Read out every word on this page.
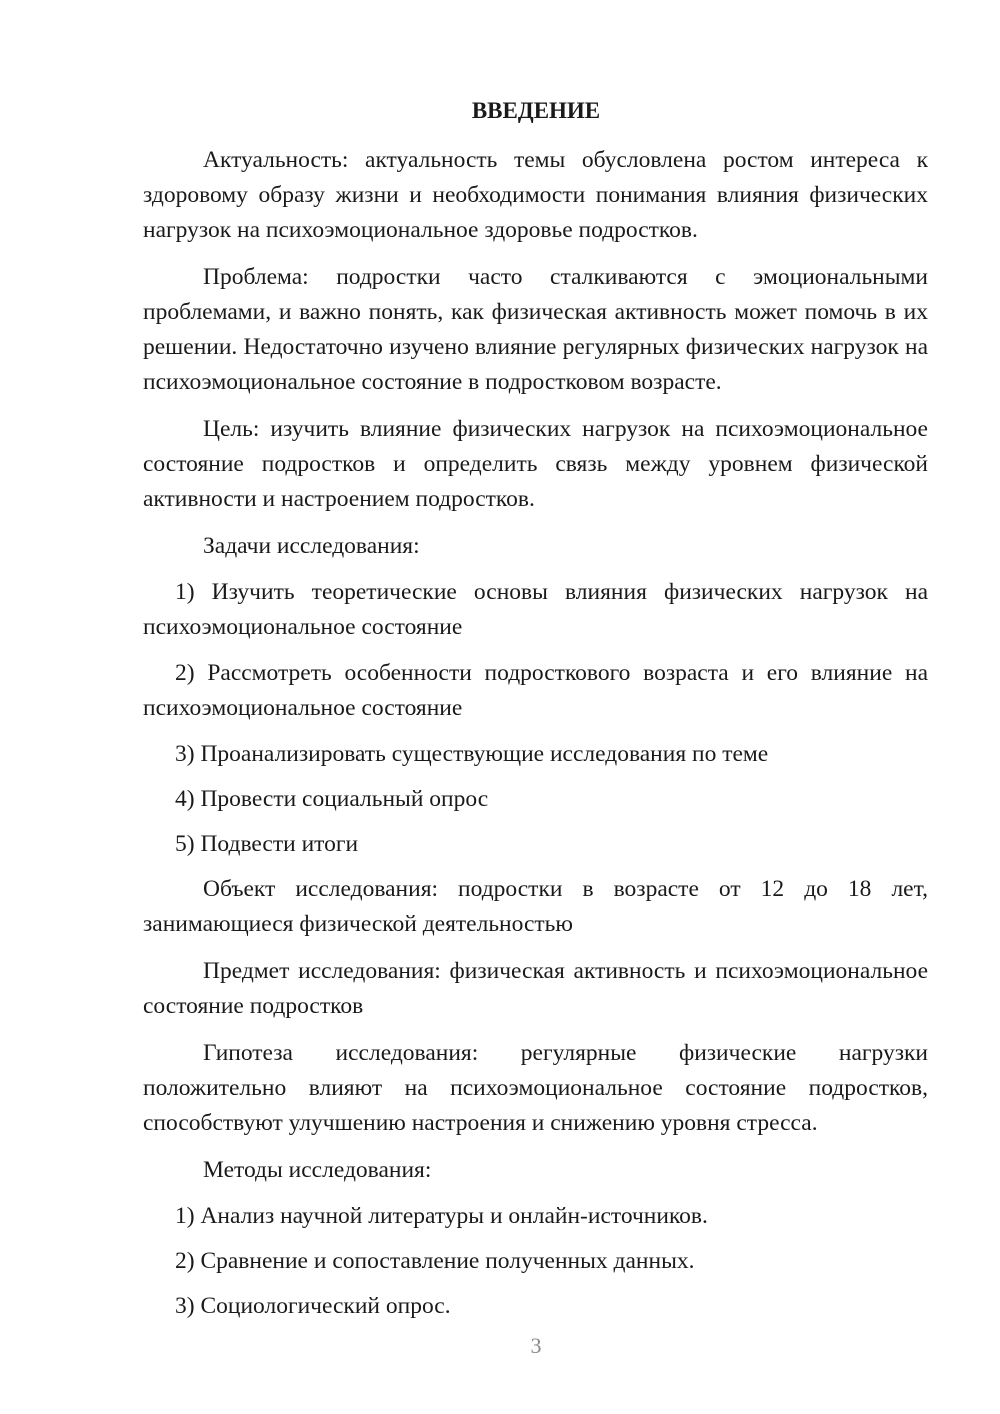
ВВЕДЕНИЕ

Актуальность: актуальность темы обусловлена ростом интереса к здоровому образу жизни и необходимости понимания влияния физических нагрузок на психоэмоциональное здоровье подростков.

Проблема: подростки часто сталкиваются с эмоциональными проблемами, и важно понять, как физическая активность может помочь в их решении. Недостаточно изучено влияние регулярных физических нагрузок на психоэмоциональное состояние в подростковом возрасте.

Цель: изучить влияние физических нагрузок на психоэмоциональное состояние подростков и определить связь между уровнем физической активности и настроением подростков.

Задачи исследования:

1) Изучить теоретические основы влияния физических нагрузок на психоэмоциональное состояние

2) Рассмотреть особенности подросткового возраста и его влияние на психоэмоциональное состояние

3) Проанализировать существующие исследования по теме

4) Провести социальный опрос

5) Подвести итоги

Объект исследования: подростки в возрасте от 12 до 18 лет, занимающиеся физической деятельностью

Предмет исследования: физическая активность и психоэмоциональное состояние подростков

Гипотеза исследования: регулярные физические нагрузки положительно влияют на психоэмоциональное состояние подростков, способствуют улучшению настроения и снижению уровня стресса.

Методы исследования:

1) Анализ научной литературы и онлайн-источников.

2) Сравнение и сопоставление полученных данных.

3) Социологический опрос.

3
